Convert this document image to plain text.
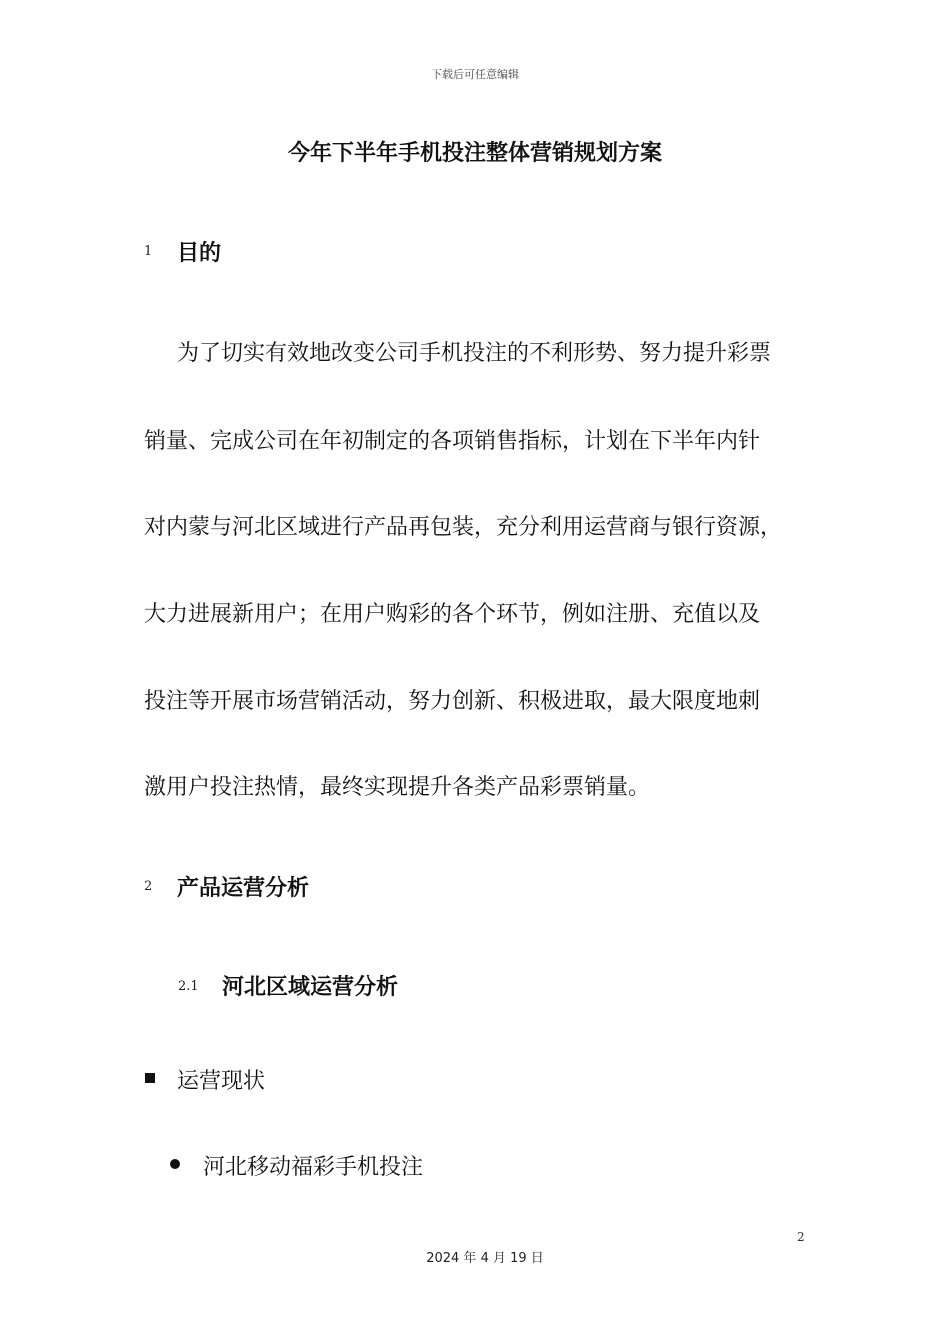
下载后可任意编辑
今年下半年手机投注整体营销规划方案
1 目的
为了切实有效地改变公司手机投注的不利形势、努力提升彩票
销量、完成公司在年初制定的各项销售指标，计划在下半年内针
对内蒙与河北区域进行产品再包装，充分利用运营商与银行资源，
大力进展新用户；在用户购彩的各个环节，例如注册、充值以及
投注等开展市场营销活动，努力创新、积极进取，最大限度地刺
激用户投注热情，最终实现提升各类产品彩票销量。
2 产品运营分析
2.1 河北区域运营分析
运营现状
河北移动福彩手机投注
2
2024 年 4 月 19 日
